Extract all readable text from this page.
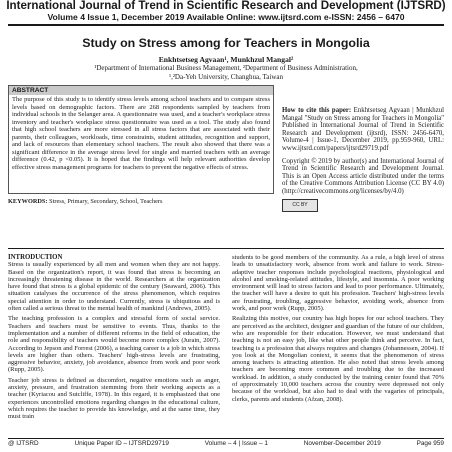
International Journal of Trend in Scientific Research and Development (IJTSRD)
Volume 4 Issue 1, December 2019 Available Online: www.ijtsrd.com e-ISSN: 2456 – 6470
Study on Stress among for Teachers in Mongolia
Enkhtsetseg Agvaan¹, Munkhzul Mangal²
¹Department of International Business Management, ²Department of Business Administration,
¹,²Da-Yeh University, Changhua, Taiwan
ABSTRACT
The purpose of this study is to identify stress levels among school teachers and to compare stress levels based on demographic factors. There are 268 respondents sampled by teachers from individual schools in the Selanger area. A questionnaire was used, and a teacher's workplace stress inventory and teacher's workplace stress questionnaire was used as a tool. The study also found that high school teachers are more stressed in all stress factors that are associated with their parents, their colleagues, workloads, time constraints, student attitudes, recognition and support, and lack of resources than elementary school teachers. The result also showed that there was a significant difference in the average stress level for single and married teachers with an average difference (0.42, p <0.05). It is hoped that the findings will help relevant authorities develop effective stress management programs for teachers to prevent the negative effects of stress.
KEYWORDS: Stress, Primary, Secondary, School, Teachers
How to cite this paper: Enkhtsetseg Agvaan | Munkhzul Mangal "Study on Stress among for Teachers in Mongolia" Published in International Journal of Trend in Scientific Research and Development (ijtsrd), ISSN: 2456-6470, Volume-4 | Issue-1, December 2019, pp.959-960, URL: www.ijtsrd.com/papers/ijtsrd29719.pdf
Copyright © 2019 by author(s) and International Journal of Trend in Scientific Research and Development Journal. This is an Open Access article distributed under the terms of the Creative Commons Attribution License (CC BY 4.0) (http://creativecommons.org/licenses/by/4.0)
CC BY
INTRODUCTION

Stress is usually experienced by all men and women when they are not happy. Based on the organization's report, it was found that stress is becoming an increasingly threatening disease in the world. Researchers at the organization have found that stress is a global epidemic of the century (Seaward, 2006). This situation catalyses the occurrence of the stress phenomenon, which requires special attention in order to understand. Currently, stress is ubiquitous and is often called a serious threat to the mental health of mankind (Andrews, 2005).

The teaching profession is a complex and stressful form of social service. Teachers and teachers must be sensitive to events. Thus, thanks to the implementation and a number of different reforms in the field of education, the role and responsibility of teachers would become more complex (Jurain, 2007). According to Jepson and Forrest (2006), a teaching career is a job in which stress levels are higher than others. Teachers' high-stress levels are frustrating, aggressive behavior, anxiety, job avoidance, absence from work and poor work (Rupp, 2005).

Teacher job stress is defined as discomfort, negative emotions such as anger, anxiety, pressure, and frustration stemming from their working aspects as a teacher (Kyriacou and Sutcliffe, 1978). In this regard, it is emphasized that one experiences uncontrolled emotions regarding changes in the educational culture, which requires the teacher to provide his knowledge, and at the same time, they must train

students to be good members of the community. As a rule, a high level of stress leads to unsatisfactory work, absence from work and failure to work. Stress-adaptive teacher responses include psychological reactions, physiological and alcohol and smoking-related attitudes, lifestyle, and insomnia. A poor working environment will lead to stress factors and lead to poor performance. Ultimately, the teacher will have a desire to quit his profession. Teachers' high-stress levels are frustrating, troubling, aggressive behavior, avoiding work, absence from work, and poor work (Rupp, 2005).

Realizing this motive, our country has high hopes for our school teachers. They are perceived as the architect, designer and guardian of the future of our children, who are responsible for their education. However, we must understand that teaching is not an easy job, like what other people think and perceive. In fact, teaching is a profession that always requires and changes (Johannessen, 2004). If you look at the Mongolian context, it seems that the phenomenon of stress among teachers is attracting attention. He also noted that stress levels among teachers are becoming more common and troubling due to the increased workload. In addition, a study conducted by the training center found that 70% of approximately 10,000 teachers across the country were depressed not only because of the workload, but also had to deal with the vagaries of principals, clerks, parents and students (Afzan, 2008).

@ IJTSRD	Unique Paper ID – IJTSRD29719	Volume – 4 | Issue – 1	November-December 2019	Page 959
